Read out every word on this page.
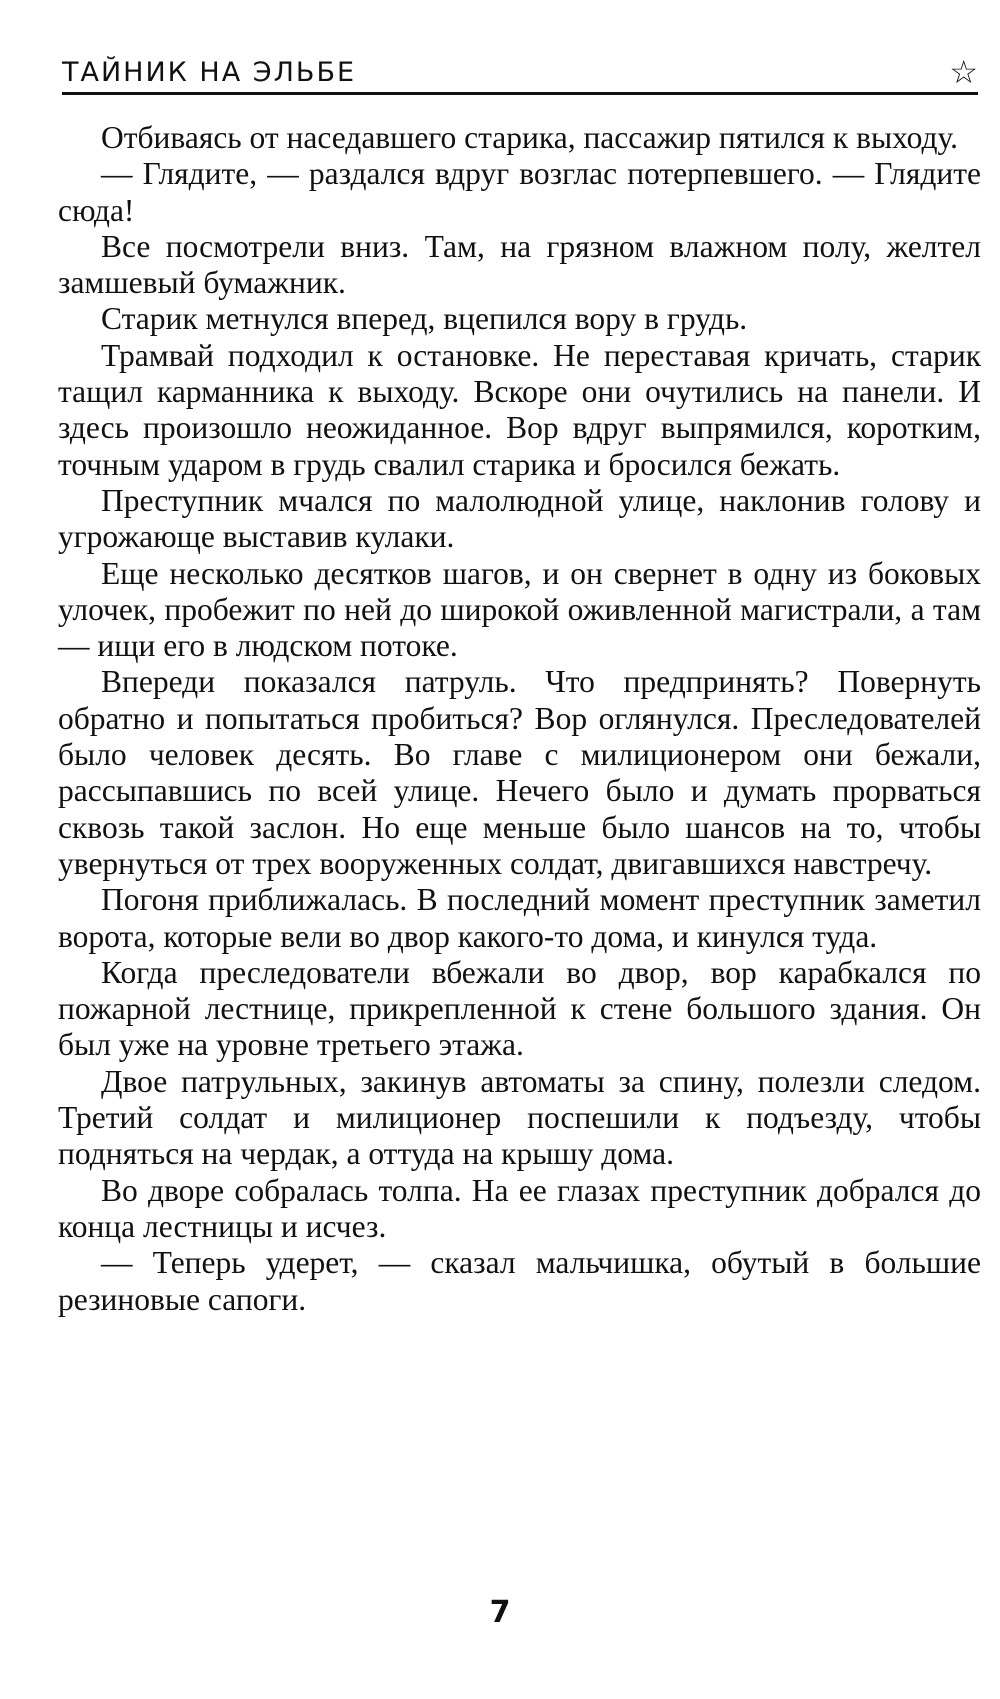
ТАЙНИК НА ЭЛЬБЕ	☆

Отбиваясь от наседавшего старика, пассажир пятился к выходу.

— Глядите, — раздался вдруг возглас потерпевшего. — Глядите сюда!

Все посмотрели вниз. Там, на грязном влажном полу, желтел замшевый бумажник.

Старик метнулся вперед, вцепился вору в грудь.

Трамвай подходил к остановке. Не переставая кричать, старик тащил карманника к выходу. Вскоре они очутились на панели. И здесь произошло неожиданное. Вор вдруг выпрямился, коротким, точным ударом в грудь свалил старика и бросился бежать.

Преступник мчался по малолюдной улице, наклонив голову и угрожающе выставив кулаки.

Еще несколько десятков шагов, и он свернет в одну из боковых улочек, пробежит по ней до широкой оживленной магистрали, а там — ищи его в людском потоке.

Впереди показался патруль. Что предпринять? Повернуть обратно и попытаться пробиться? Вор оглянулся. Преследователей было человек десять. Во главе с милиционером они бежали, рассыпавшись по всей улице. Нечего было и думать прорваться сквозь такой заслон. Но еще меньше было шансов на то, чтобы увернуться от трех вооруженных солдат, двигавшихся навстречу.

Погоня приближалась. В последний момент преступник заметил ворота, которые вели во двор какого-то дома, и кинулся туда.

Когда преследователи вбежали во двор, вор карабкался по пожарной лестнице, прикрепленной к стене большого здания. Он был уже на уровне третьего этажа.

Двое патрульных, закинув автоматы за спину, полезли следом. Третий солдат и милиционер поспешили к подъезду, чтобы подняться на чердак, а оттуда на крышу дома.

Во дворе собралась толпа. На ее глазах преступник добрался до конца лестницы и исчез.

— Теперь удерет, — сказал мальчишка, обутый в большие резиновые сапоги.

7
